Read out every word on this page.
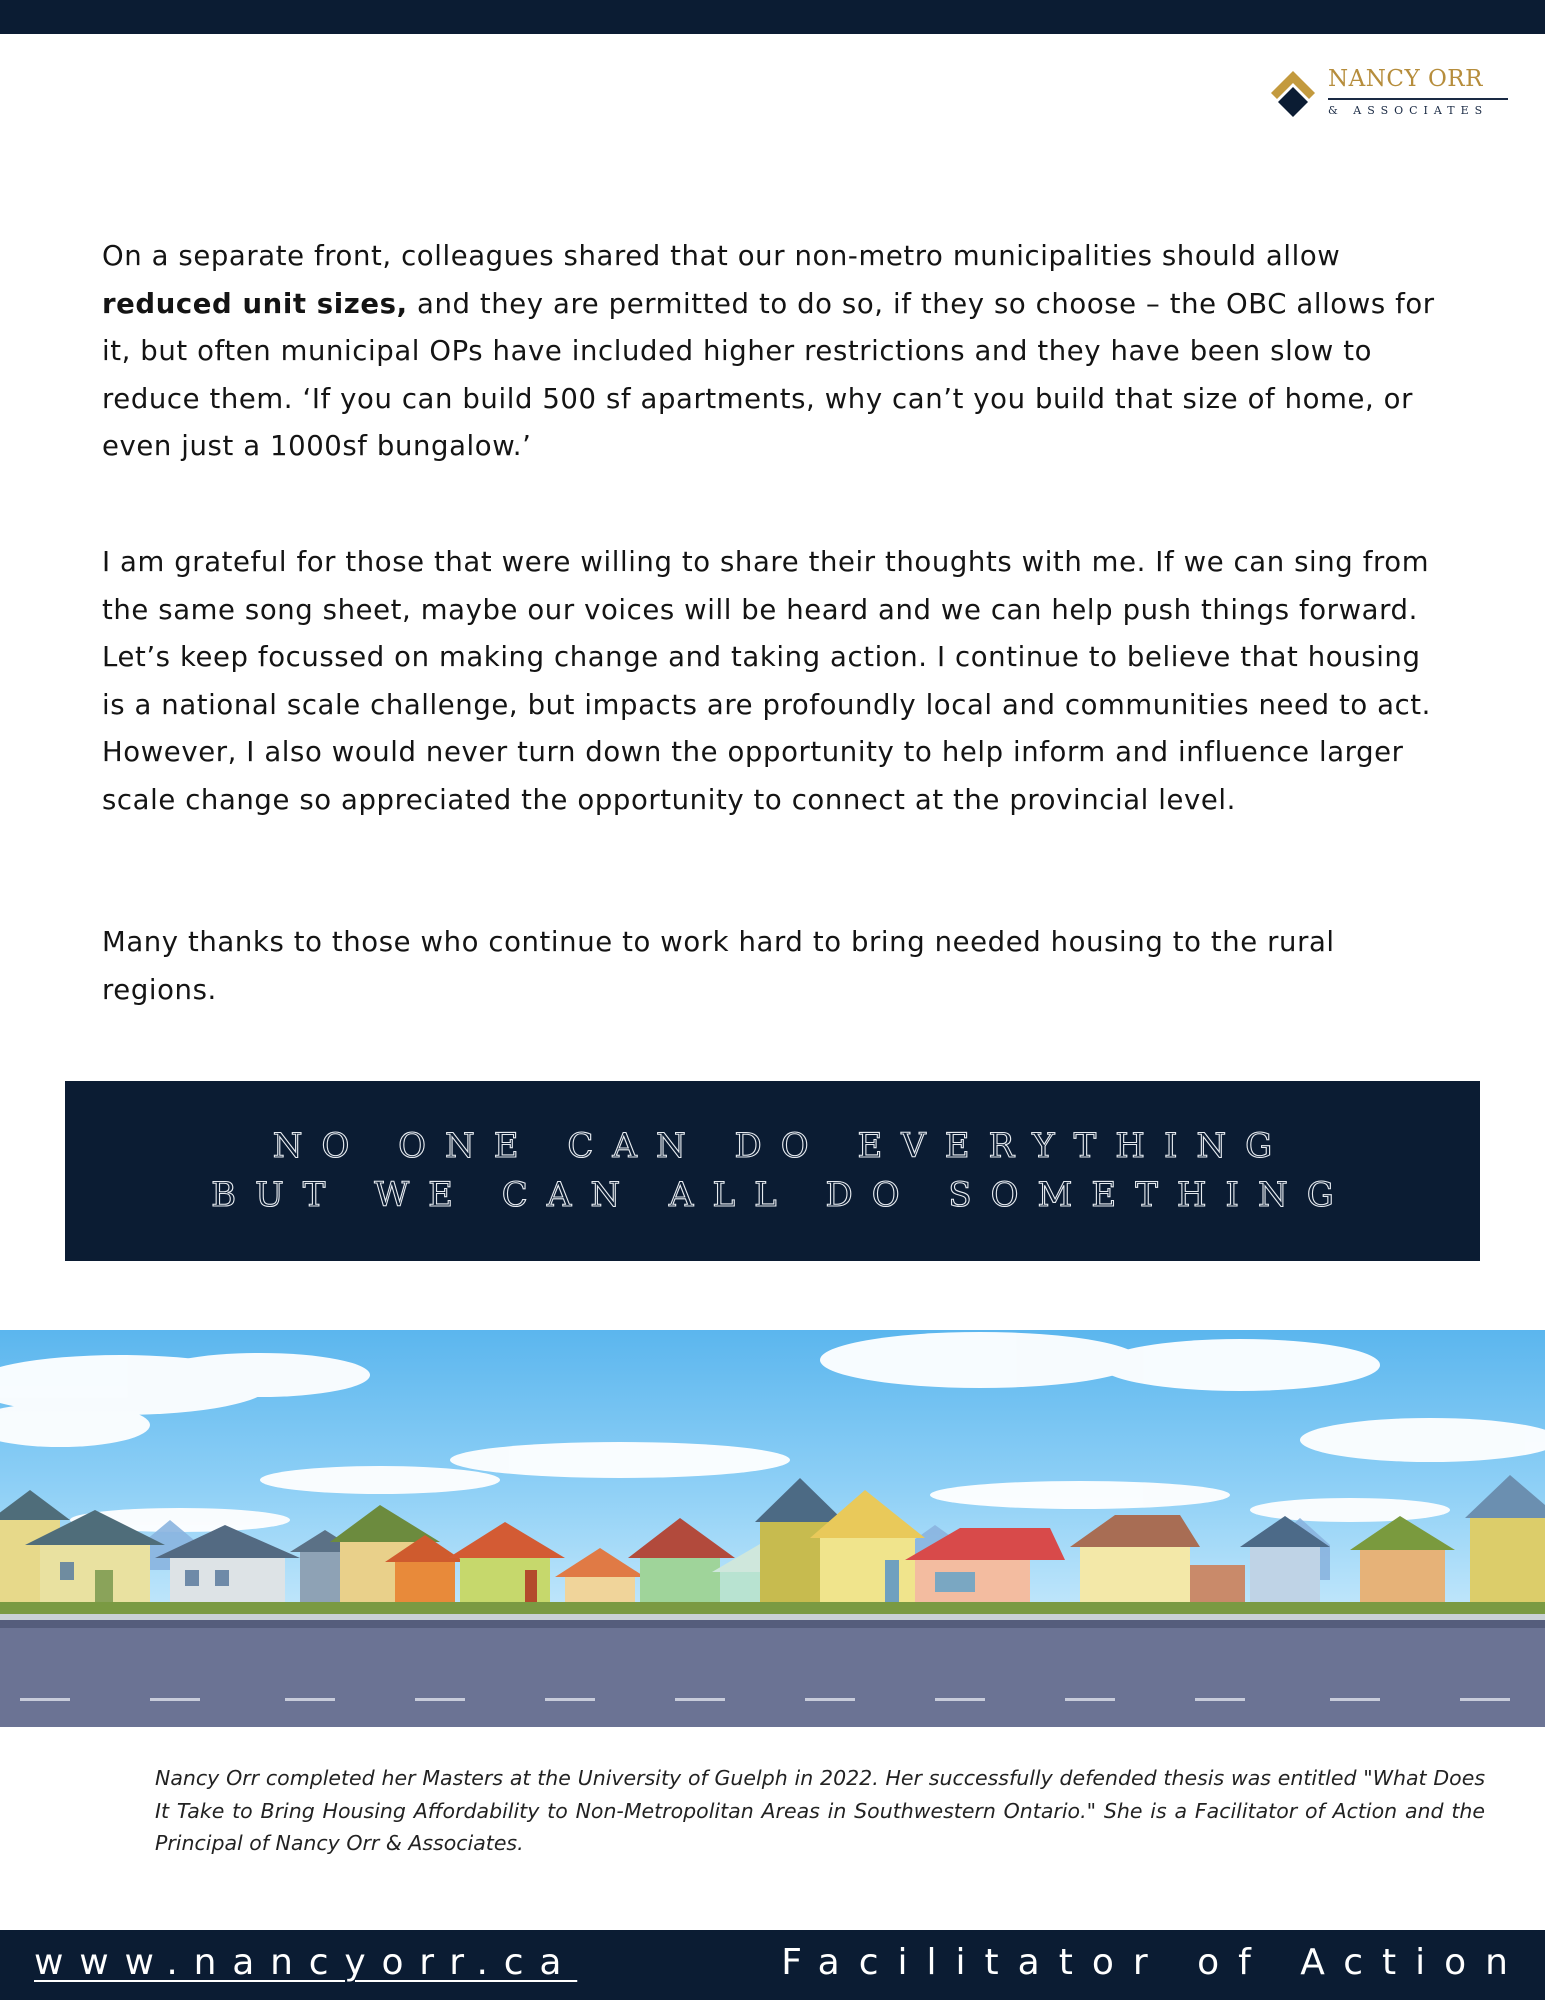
NANCY ORR
& ASSOCIATES

On a separate front, colleagues shared that our non-metro municipalities should allow
reduced unit sizes, and they are permitted to do so, if they so choose – the OBC allows for it, but often municipal OPs have included higher restrictions and they have been slow to reduce them. ‘If you can build 500 sf apartments, why can’t you build that size of home, or even just a 1000sf bungalow.’

I am grateful for those that were willing to share their thoughts with me. If we can sing from the same song sheet, maybe our voices will be heard and we can help push things forward. Let’s keep focussed on making change and taking action. I continue to believe that housing is a national scale challenge, but impacts are profoundly local and communities need to act. However, I also would never turn down the opportunity to help inform and influence larger scale change so appreciated the opportunity to connect at the provincial level.

Many thanks to those who continue to work hard to bring needed housing to the rural regions.

NO ONE CAN DO EVERYTHING
BUT WE CAN ALL DO SOMETHING

Nancy Orr completed her Masters at the University of Guelph in 2022. Her successfully defended thesis was entitled "What Does It Take to Bring Housing Affordability to Non-Metropolitan Areas in Southwestern Ontario." She is a Facilitator of Action and the Principal of Nancy Orr & Associates.

www.nancyorr.ca	Facilitator of Action
